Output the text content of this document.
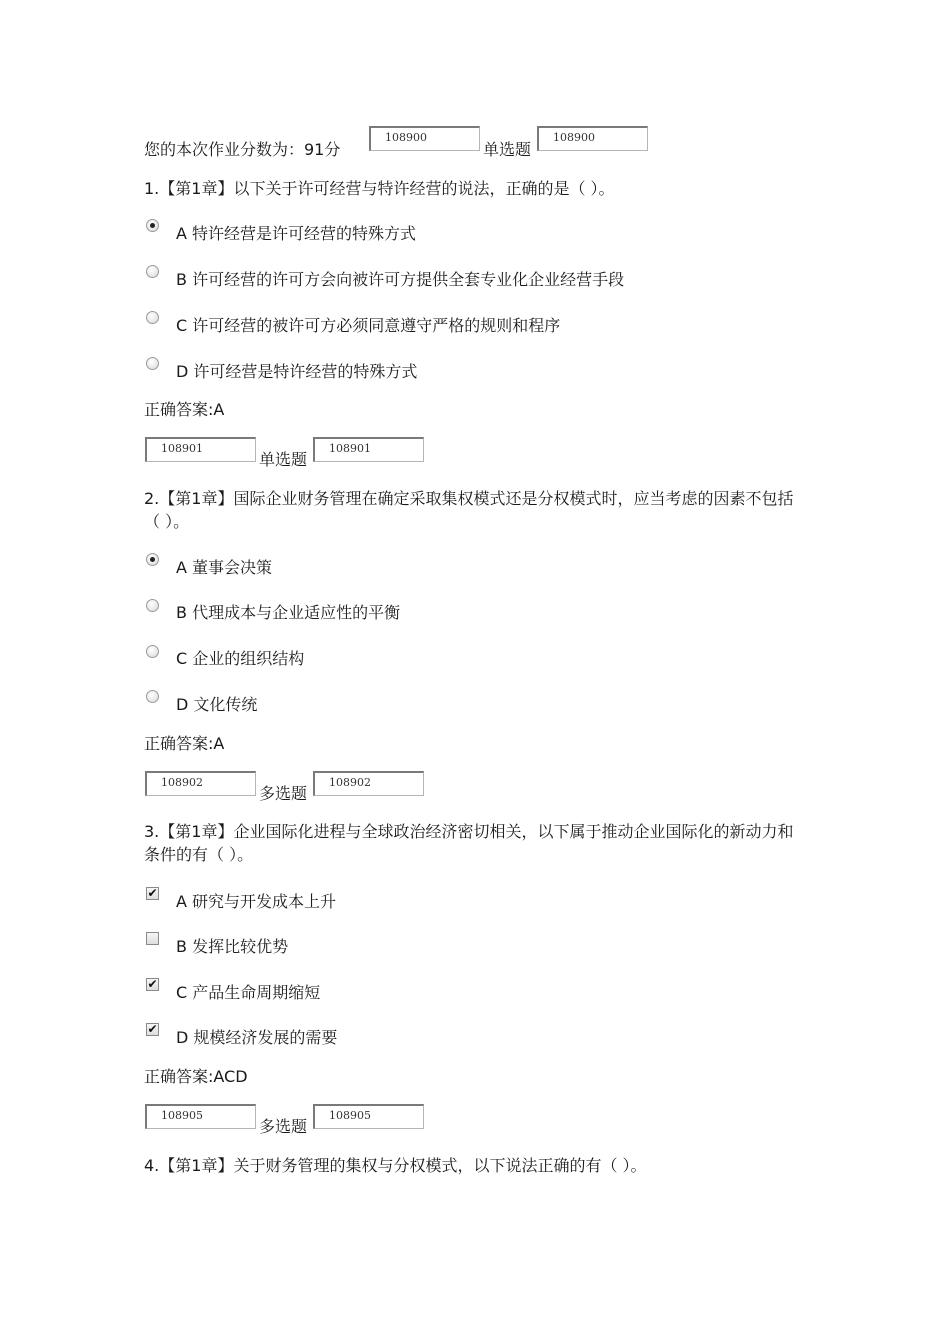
您的本次作业分数为：91分
108900
单选题
108900
1.【第1章】以下关于许可经营与特许经营的说法，正确的是（ ）。
A 特许经营是许可经营的特殊方式
B 许可经营的许可方会向被许可方提供全套专业化企业经营手段
C 许可经营的被许可方必须同意遵守严格的规则和程序
D 许可经营是特许经营的特殊方式
正确答案:A
108901
单选题
108901
2.【第1章】国际企业财务管理在确定采取集权模式还是分权模式时，应当考虑的因素不包括（ ）。
A 董事会决策
B 代理成本与企业适应性的平衡
C 企业的组织结构
D 文化传统
正确答案:A
108902
多选题
108902
3.【第1章】企业国际化进程与全球政治经济密切相关，以下属于推动企业国际化的新动力和条件的有（ ）。
✔ A 研究与开发成本上升
B 发挥比较优势
✔ C 产品生命周期缩短
✔ D 规模经济发展的需要
正确答案:ACD
108905
多选题
108905
4.【第1章】关于财务管理的集权与分权模式，以下说法正确的有（ ）。
